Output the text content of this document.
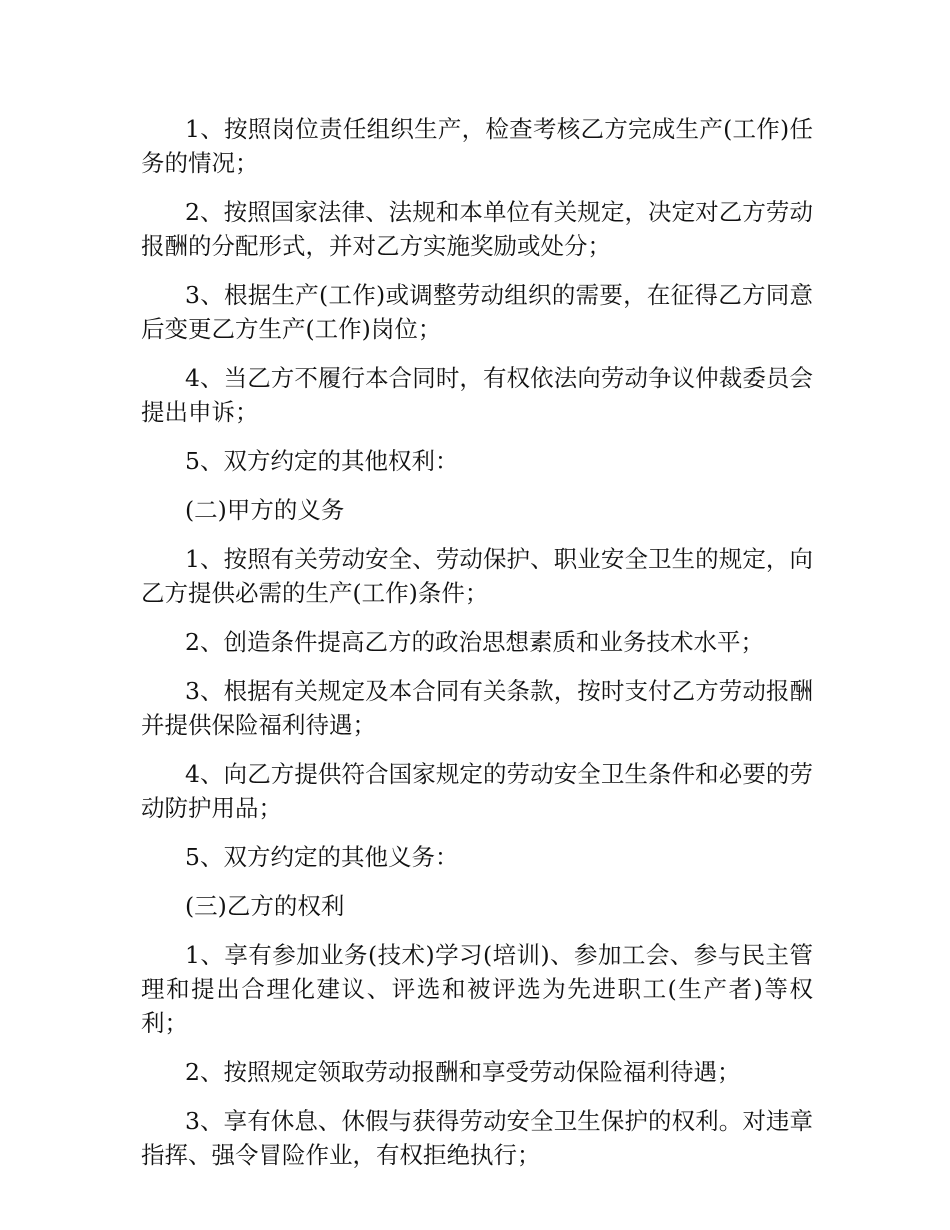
1、按照岗位责任组织生产，检查考核乙方完成生产(工作)任务的情况；

2、按照国家法律、法规和本单位有关规定，决定对乙方劳动报酬的分配形式，并对乙方实施奖励或处分；

3、根据生产(工作)或调整劳动组织的需要，在征得乙方同意后变更乙方生产(工作)岗位；

4、当乙方不履行本合同时，有权依法向劳动争议仲裁委员会提出申诉；

5、双方约定的其他权利：

(二)甲方的义务

1、按照有关劳动安全、劳动保护、职业安全卫生的规定，向乙方提供必需的生产(工作)条件；

2、创造条件提高乙方的政治思想素质和业务技术水平；

3、根据有关规定及本合同有关条款，按时支付乙方劳动报酬并提供保险福利待遇；

4、向乙方提供符合国家规定的劳动安全卫生条件和必要的劳动防护用品；

5、双方约定的其他义务：

(三)乙方的权利

1、享有参加业务(技术)学习(培训)、参加工会、参与民主管理和提出合理化建议、评选和被评选为先进职工(生产者)等权利；

2、按照规定领取劳动报酬和享受劳动保险福利待遇；

3、享有休息、休假与获得劳动安全卫生保护的权利。对违章指挥、强令冒险作业，有权拒绝执行；
